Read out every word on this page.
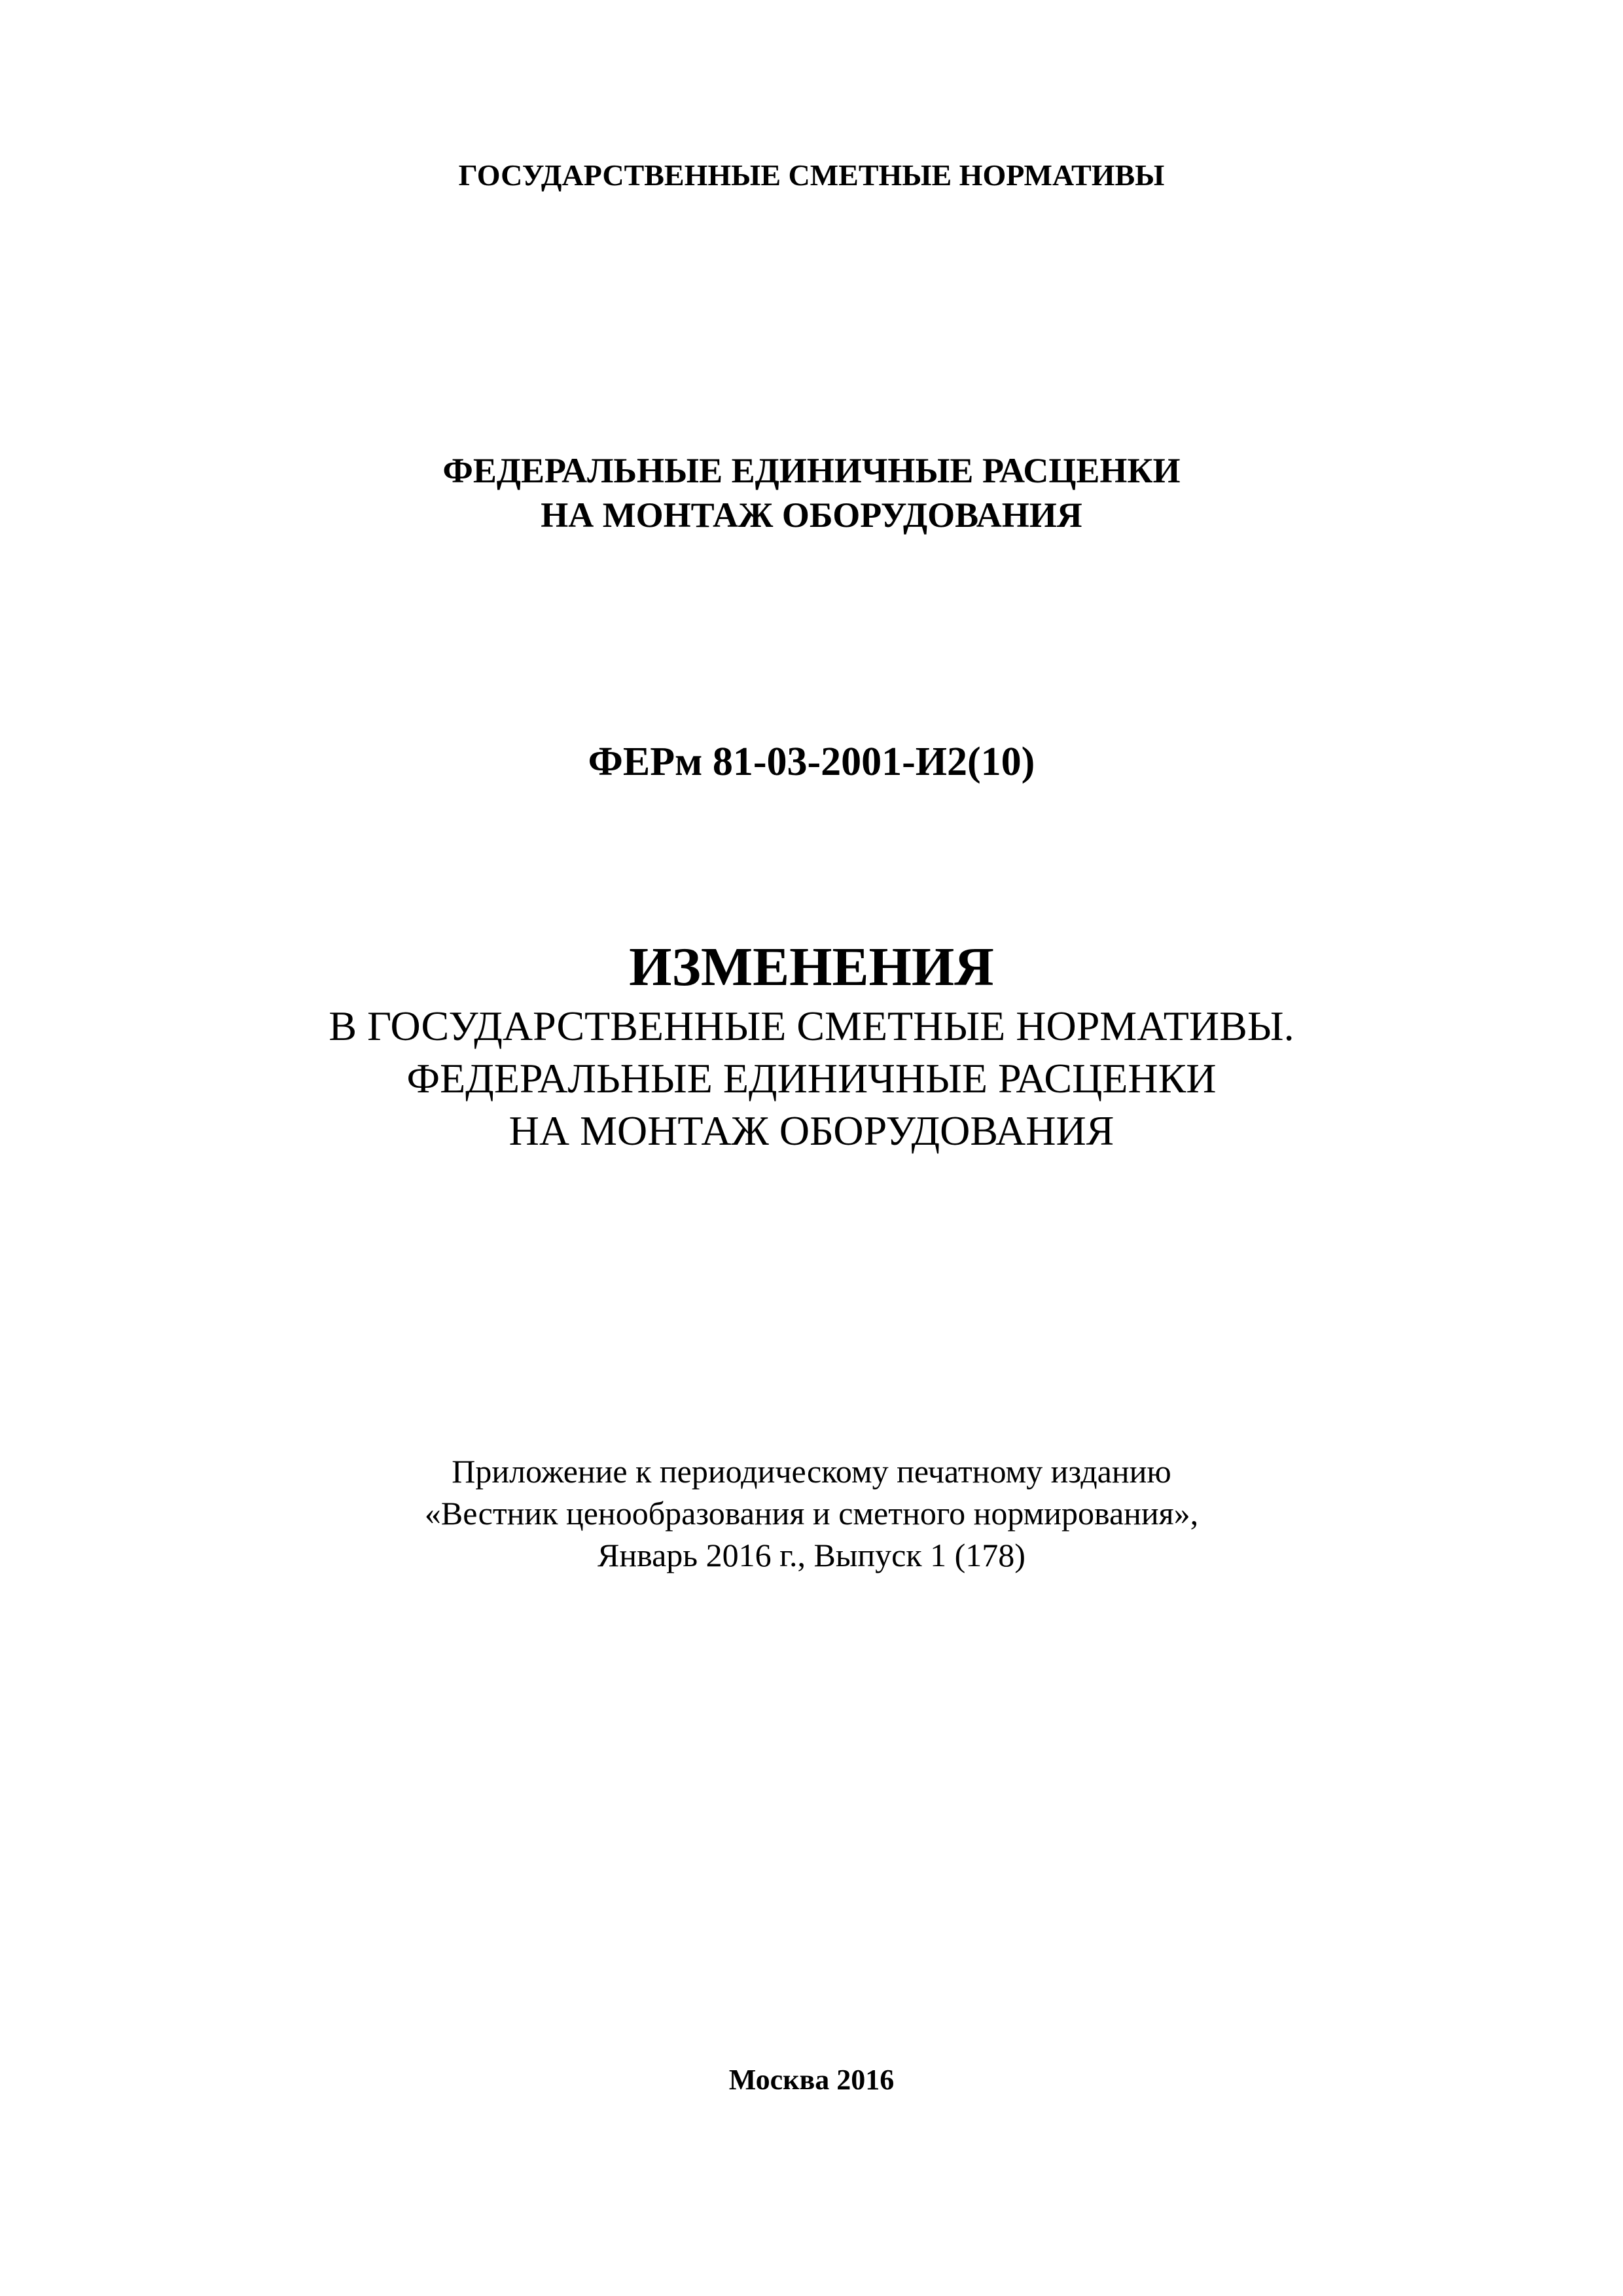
ГОСУДАРСТВЕННЫЕ СМЕТНЫЕ НОРМАТИВЫ
ФЕДЕРАЛЬНЫЕ ЕДИНИЧНЫЕ РАСЦЕНКИ
НА МОНТАЖ ОБОРУДОВАНИЯ
ФЕРм 81-03-2001-И2(10)
ИЗМЕНЕНИЯ
В ГОСУДАРСТВЕННЫЕ СМЕТНЫЕ НОРМАТИВЫ.
ФЕДЕРАЛЬНЫЕ ЕДИНИЧНЫЕ РАСЦЕНКИ
НА МОНТАЖ ОБОРУДОВАНИЯ
Приложение к периодическому печатному изданию
«Вестник ценообразования и сметного нормирования»,
Январь 2016 г., Выпуск 1 (178)
Москва 2016
